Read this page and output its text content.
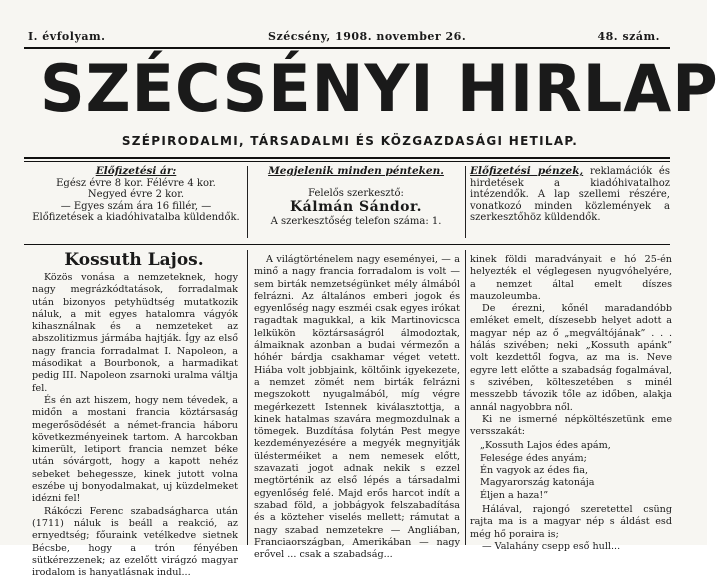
I. évfolyam.	Szécsény, 1908. november 26.	48. szám.
SZÉCSÉNYI HIRLAP
SZÉPIRODALMI, TÁRSADALMI ÉS KÖZGAZDASÁGI HETILAP.
Előfizetési ár:
Egész évre 8 kor. Félévre 4 kor.
Negyed évre 2 kor.
— Egyes szám ára 16 fillér, —
Előfizetések a kiadóhivatalba küldendők.
Megjelenik minden pénteken.
Felelős szerkesztő:
Kálmán Sándor.
A szerkesztőség telefon száma: 1.

Előfizetési pénzek, reklamációk és hirdetések a kiadóhivatalhoz intézendők. A lap szellemi részére, vonatkozó minden közlemények a szerkesztőhöz küldendők.

Kossuth Lajos.

Közös vonása a nemzeteknek, hogy nagy megrázkódtatások, forradalmak után bizonyos petyhüdtség mutatkozik náluk, a mit egyes hatalomra vágyók kihasználnak és a nemzeteket az abszolitizmus jármába hajtják. Így az első nagy francia forradalmat I. Napoleon, a másodikat a Bourbonok, a harmadikat pedig III. Napoleon zsarnoki uralma váltja fel.

És én azt hiszem, hogy nem tévedek, a midőn a mostani francia köztársaság megerősödését a német-francia háboru következményeinek tartom. A harcokban kimerült, letiport francia nemzet béke után sóvárgott, hogy a kapott nehéz sebeket behegessze, kinek jutott volna eszébe uj bonyodalmakat, uj küzdelmeket idézni fel!

Rákóczi Ferenc szabadságharca után (1711) náluk is beáll a reakció, az ernyedtség; főuraink vetélkedve sietnek Bécsbe, hogy a trón fényében sütkérezzenek; az ezelőtt virágzó magyar irodalom is hanyatlásnak indul...

A világtörténelem nagy eseményei, — a minő a nagy francia forradalom is volt — sem birták nemzetségünket mély álmából felrázni. Az általános emberi jogok és egyenlőség nagy eszméi csak egyes irókat ragadtak magukkal, a kik Martinovicsca lelkükön köztársaságról álmodoztak, álmaiknak azonban a budai vérmezőn a hóhér bárdja csakhamar véget vetett. Hiába volt jobbjaink, költőink igyekezete, a nemzet zömét nem birták felrázni megszokott nyugalmából, míg végre megérkezett Istennek kiválasztottja, a kinek hatalmas szavára megmozdulnak a tömegek. Buzdítása folytán Pest megye kezdeményezésére a megyék megnyitják ülésterméiket a nem nemesek előtt, szavazati jogot adnak nekik s ezzel megtörténik az első lépés a társadalmi egyenlőség felé. Majd erős harcot indít a szabad föld, a jobbágyok felszabadítása és a közteher viselés mellett; rámutat a nagy szabad nemzetekre — Angliában, Franciaországban, Amerikában — nagy erővel ... csak a szabadság...

kinek földi maradványait e hó 25-én helyezték el véglegesen nyugvóhelyére, a nemzet által emelt díszes mauzoleumba.

De érezni, kőnél maradandóbb emléket emelt, díszesebb helyet adott a magyar nép az ő „megváltójának” . . . hálás szivében; neki „Kossuth apánk” volt kezdettől fogva, az ma is. Neve egyre lett előtte a szabadság fogalmával, s szivében, költeszetében s minél messzebb távozik tőle az időben, alakja annál nagyobbra nől.

Ki ne ismerné népköltészetünk eme versszakát:

„Kossuth Lajos édes apám,
Felesége édes anyám;
Én vagyok az édes fia,
Magyarország katonája
Éljen a haza!”

Hálával, rajongó szeretettel csüng rajta ma is a magyar nép s áldást esd még hő poraira is;

— Valahány csepp eső hull...
